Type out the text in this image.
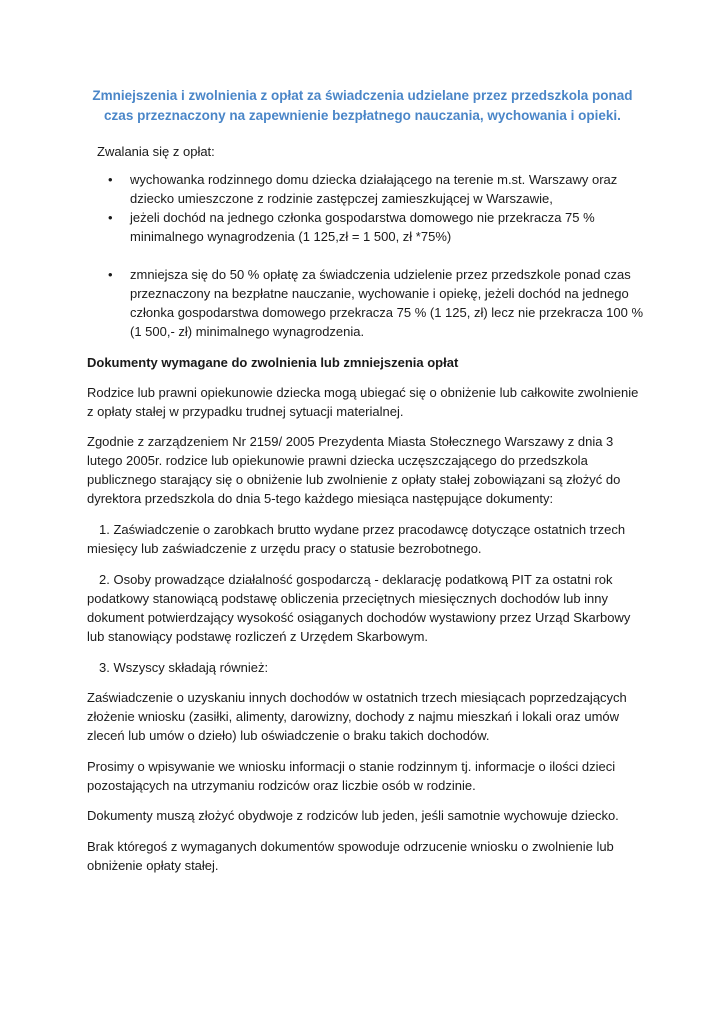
Zmniejszenia i zwolnienia z opłat za świadczenia udzielane przez przedszkola ponad czas przeznaczony na zapewnienie bezpłatnego nauczania, wychowania i opieki.
Zwalania się z opłat:
• wychowanka rodzinnego domu dziecka działającego na terenie m.st. Warszawy oraz dziecko umieszczone z rodzinie zastępczej zamieszkującej w Warszawie,
• jeżeli dochód na jednego członka gospodarstwa domowego nie przekracza 75 % minimalnego wynagrodzenia (1 125,zł = 1 500, zł *75%)
• zmniejsza się do 50 % opłatę za świadczenia udzielenie przez przedszkole ponad czas przeznaczony na bezpłatne nauczanie, wychowanie i opiekę, jeżeli dochód na jednego członka gospodarstwa domowego przekracza 75 % (1 125, zł) lecz nie przekracza 100 % (1 500,- zł) minimalnego wynagrodzenia.
Dokumenty wymagane do zwolnienia lub zmniejszenia opłat
Rodzice lub prawni opiekunowie dziecka mogą ubiegać się o obniżenie lub całkowite zwolnienie z opłaty stałej w przypadku trudnej sytuacji materialnej.
Zgodnie z zarządzeniem Nr 2159/ 2005 Prezydenta Miasta Stołecznego Warszawy z dnia 3 lutego 2005r. rodzice lub opiekunowie prawni dziecka uczęszczającego do przedszkola publicznego starający się o obniżenie lub zwolnienie z opłaty stałej zobowiązani są złożyć do dyrektora przedszkola do dnia 5-tego każdego miesiąca następujące dokumenty:
1. Zaświadczenie o zarobkach brutto wydane przez pracodawcę dotyczące ostatnich trzech miesięcy lub zaświadczenie z urzędu pracy o statusie bezrobotnego.
2. Osoby prowadzące działalność gospodarczą - deklarację podatkową PIT za ostatni rok podatkowy stanowiącą podstawę obliczenia przeciętnych miesięcznych dochodów lub inny dokument potwierdzający wysokość osiąganych dochodów wystawiony przez Urząd Skarbowy lub stanowiący podstawę rozliczeń z Urzędem Skarbowym.
3. Wszyscy składają również:
Zaświadczenie o uzyskaniu innych dochodów w ostatnich trzech miesiącach poprzedzających złożenie wniosku (zasiłki, alimenty, darowizny, dochody z najmu mieszkań i lokali oraz umów zleceń lub umów o dzieło) lub oświadczenie o braku takich dochodów.
Prosimy o wpisywanie we wniosku informacji o stanie rodzinnym tj. informacje o ilości dzieci pozostających na utrzymaniu rodziców oraz liczbie osób w rodzinie.
Dokumenty muszą złożyć obydwoje z rodziców lub jeden, jeśli samotnie wychowuje dziecko.
Brak któregoś z wymaganych dokumentów spowoduje odrzucenie wniosku o zwolnienie lub obniżenie opłaty stałej.
